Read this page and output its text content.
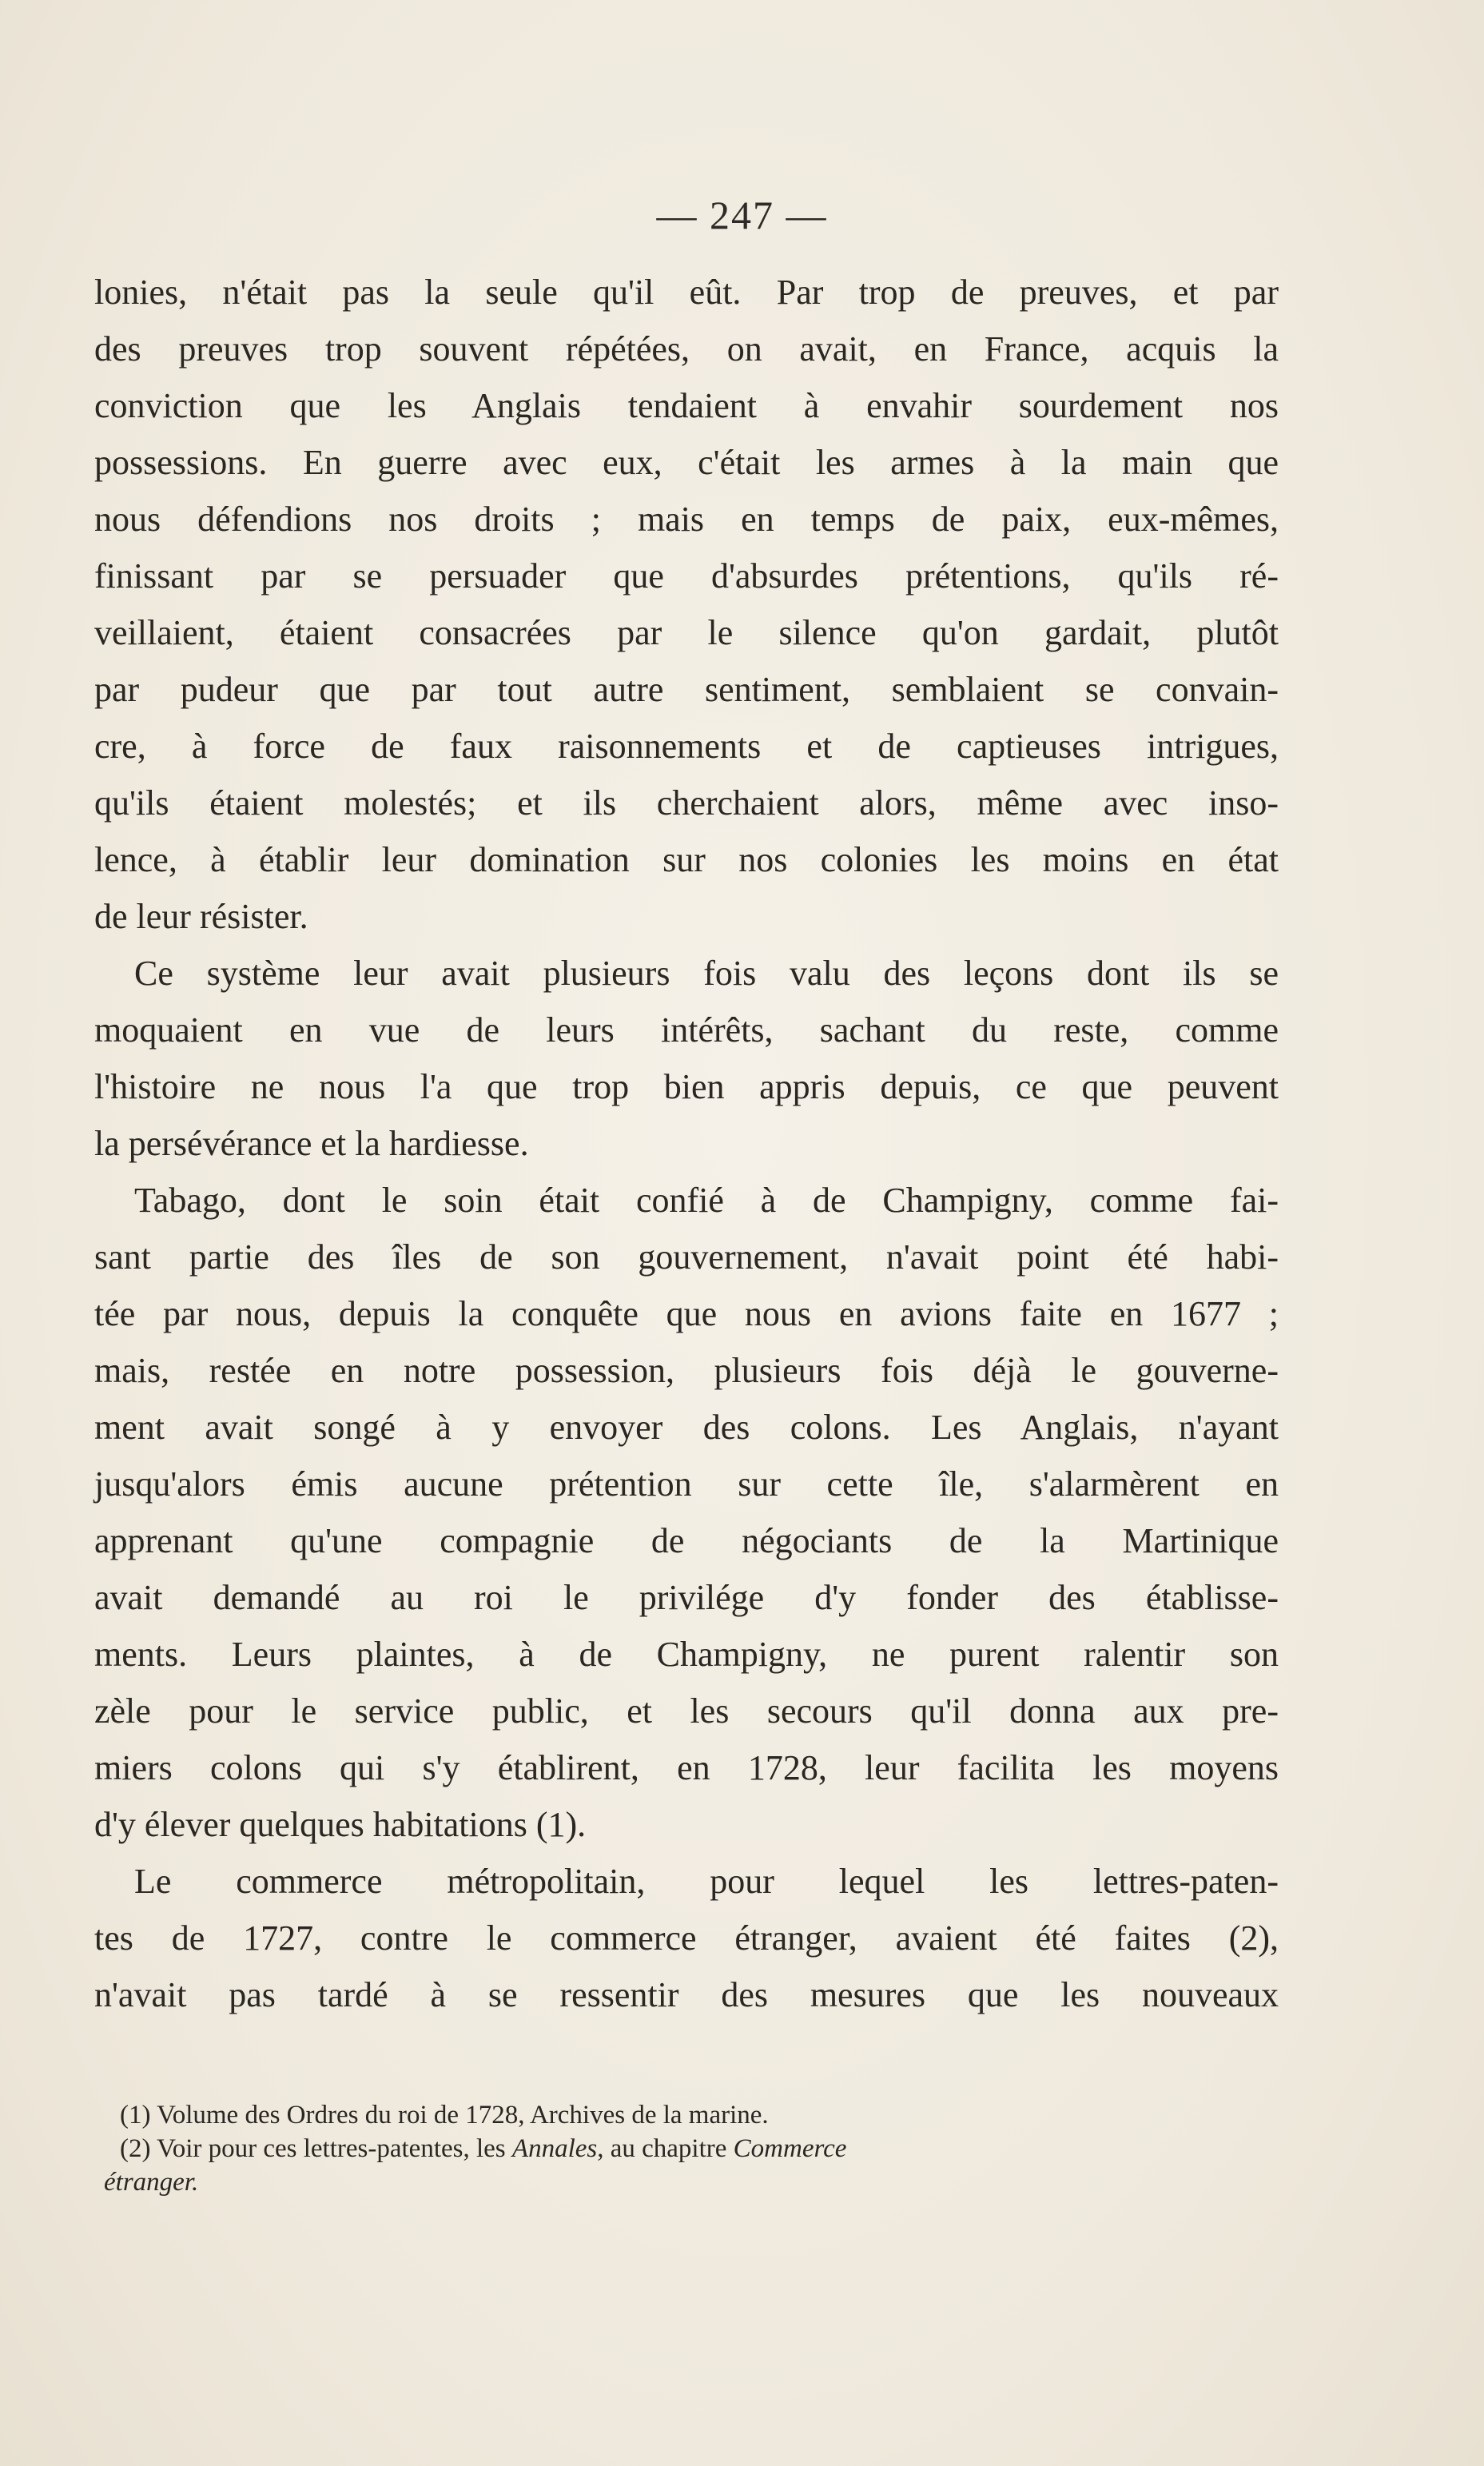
— 247 —
lonies, n'était pas la seule qu'il eût. Par trop de preuves, et par
des preuves trop souvent répétées, on avait, en France, acquis la
conviction que les Anglais tendaient à envahir sourdement nos
possessions. En guerre avec eux, c'était les armes à la main que
nous défendions nos droits ; mais en temps de paix, eux-mêmes,
finissant par se persuader que d'absurdes prétentions, qu'ils ré-
veillaient, étaient consacrées par le silence qu'on gardait, plutôt
par pudeur que par tout autre sentiment, semblaient se convain-
cre, à force de faux raisonnements et de captieuses intrigues,
qu'ils étaient molestés; et ils cherchaient alors, même avec inso-
lence, à établir leur domination sur nos colonies les moins en état
de leur résister.
Ce système leur avait plusieurs fois valu des leçons dont ils se
moquaient en vue de leurs intérêts, sachant du reste, comme
l'histoire ne nous l'a que trop bien appris depuis, ce que peuvent
la persévérance et la hardiesse.
Tabago, dont le soin était confié à de Champigny, comme fai-
sant partie des îles de son gouvernement, n'avait point été habi-
tée par nous, depuis la conquête que nous en avions faite en 1677 ;
mais, restée en notre possession, plusieurs fois déjà le gouverne-
ment avait songé à y envoyer des colons. Les Anglais, n'ayant
jusqu'alors émis aucune prétention sur cette île, s'alarmèrent en
apprenant qu'une compagnie de négociants de la Martinique
avait demandé au roi le privilége d'y fonder des établisse-
ments. Leurs plaintes, à de Champigny, ne purent ralentir son
zèle pour le service public, et les secours qu'il donna aux pre-
miers colons qui s'y établirent, en 1728, leur facilita les moyens
d'y élever quelques habitations (1).
Le commerce métropolitain, pour lequel les lettres-paten-
tes de 1727, contre le commerce étranger, avaient été faites (2),
n'avait pas tardé à se ressentir des mesures que les nouveaux
(1) Volume des Ordres du roi de 1728, Archives de la marine.
(2) Voir pour ces lettres-patentes, les Annales, au chapitre Commerce
étranger.
